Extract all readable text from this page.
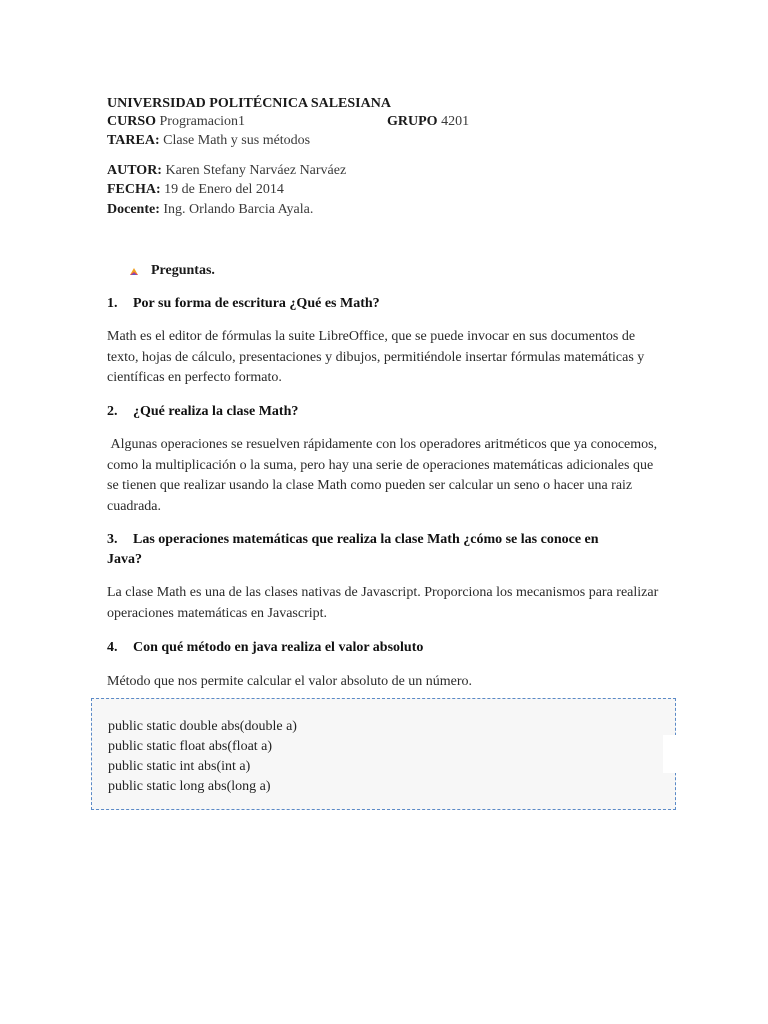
UNIVERSIDAD POLITÉCNICA SALESIANA
CURSO Programacion1	GRUPO 4201
TAREA: Clase Math y sus métodos
AUTOR: Karen Stefany Narváez Narváez
FECHA: 19 de Enero del 2014
Docente: Ing. Orlando Barcia Ayala.
Preguntas.
1. Por su forma de escritura ¿Qué es Math?
Math es el editor de fórmulas la suite LibreOffice, que se puede invocar en sus documentos de texto, hojas de cálculo, presentaciones y dibujos, permitiéndole insertar fórmulas matemáticas y científicas en perfecto formato.
2. ¿Qué realiza la clase Math?
Algunas operaciones se resuelven rápidamente con los operadores aritméticos que ya conocemos, como la multiplicación o la suma, pero hay una serie de operaciones matemáticas adicionales que se tienen que realizar usando la clase Math como pueden ser calcular un seno o hacer una raiz cuadrada.
3. Las operaciones matemáticas que realiza la clase Math ¿cómo se las conoce en
Java?
La clase Math es una de las clases nativas de Javascript. Proporciona los mecanismos para realizar operaciones matemáticas en Javascript.
4. Con qué método en java realiza el valor absoluto
Método que nos permite calcular el valor absoluto de un número.
public static double abs(double a)
public static float abs(float a)
public static int abs(int a)
public static long abs(long a)
